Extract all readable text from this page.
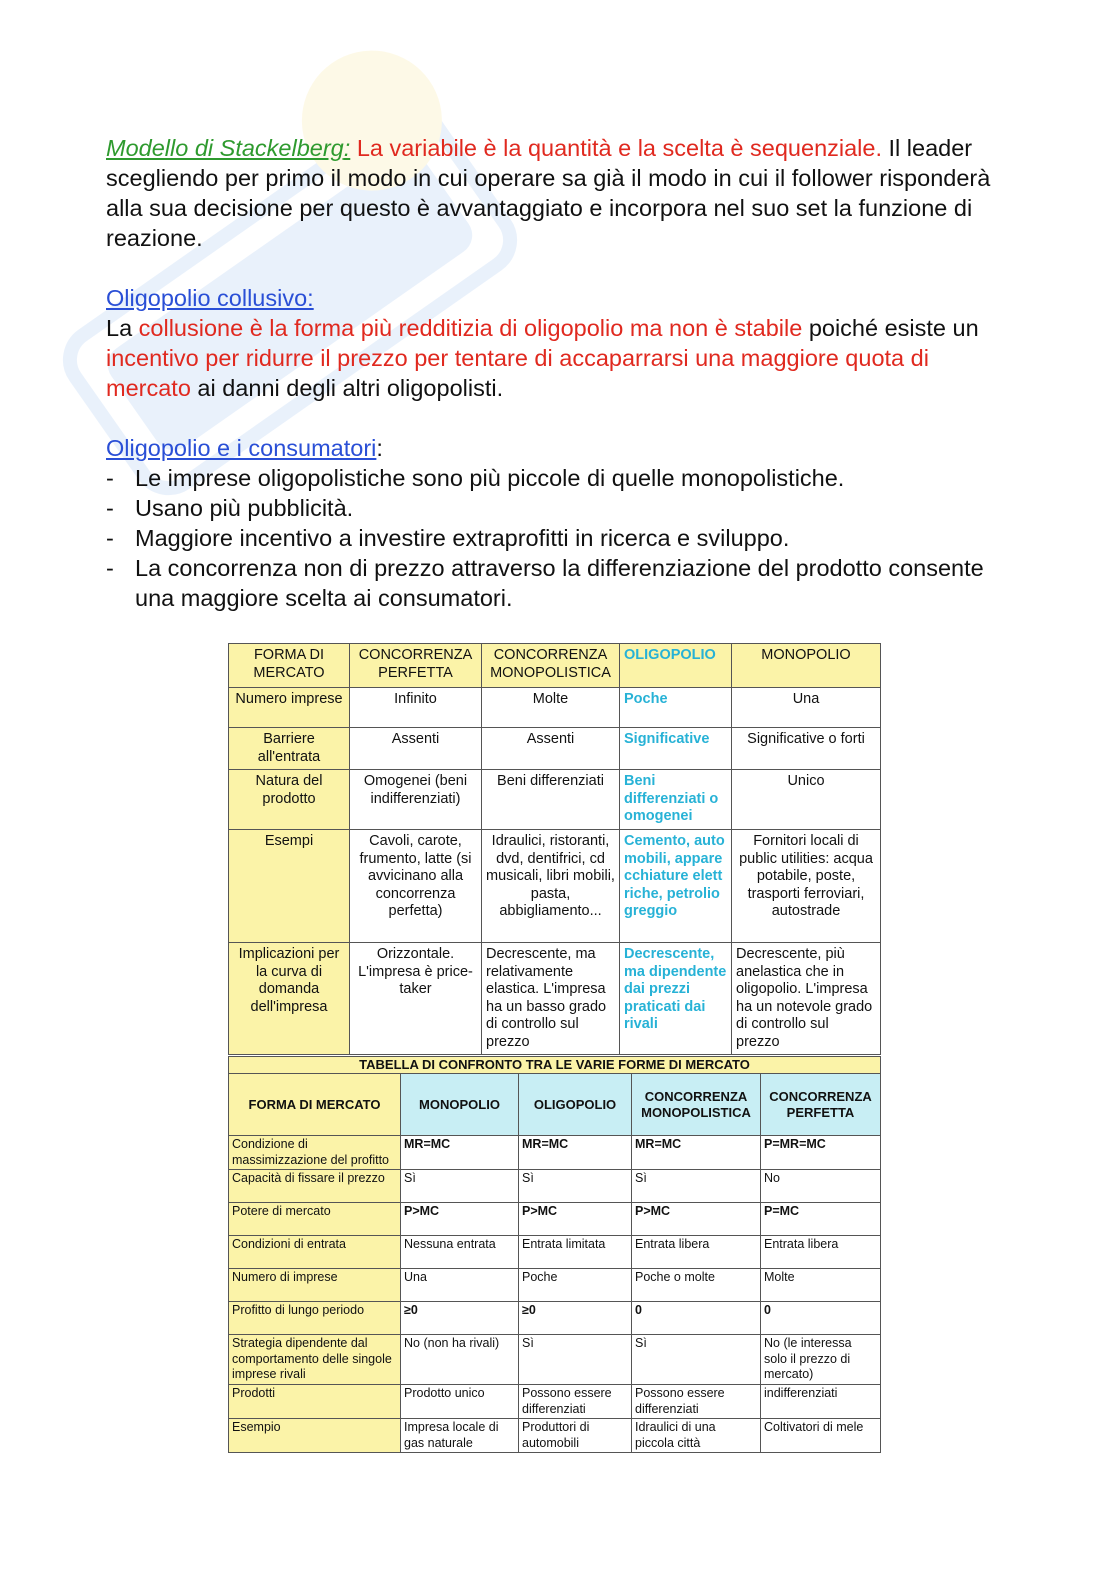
Modello di Stackelberg: La variabile è la quantità e la scelta è sequenziale. Il leader scegliendo per primo il modo in cui operare sa già il modo in cui il follower risponderà alla sua decisione per questo è avvantaggiato e incorpora nel suo set la funzione di reazione.

Oligopolio collusivo:

La collusione è la forma più redditizia di oligopolio ma non è stabile poiché esiste un incentivo per ridurre il prezzo per tentare di accaparrarsi una maggiore quota di mercato ai danni degli altri oligopolisti.

Oligopolio e i consumatori:

- Le imprese oligopolistiche sono più piccole di quelle monopolistiche.
- Usano più pubblicità.
- Maggiore incentivo a investire extraprofitti in ricerca e sviluppo.
- La concorrenza non di prezzo attraverso la differenziazione del prodotto consente una maggiore scelta ai consumatori.
FORMA DI MERCATO	CONCORRENZA PERFETTA	CONCORRENZA MONOPOLISTICA	OLIGOPOLIO	MONOPOLIO
Numero imprese	Infinito	Molte	Poche	Una
Barriere all'entrata	Assenti	Assenti	Significative	Significative o forti
Natura del prodotto	Omogenei (beni indifferenziati)	Beni differenziati	Beni differenziati o omogenei	Unico
Esempi	Cavoli, carote, frumento, latte (si avvicinano alla concorrenza perfetta)	Idraulici, ristoranti, dvd, dentifrici, cd musicali, libri mobili, pasta, abbigliamento...	Cemento, automobili, apparecchiature elettriche, petrolio greggio	Fornitori locali di public utilities: acqua potabile, poste, trasporti ferroviari, autostrade
Implicazioni per la curva di domanda dell'impresa	Orizzontale. L'impresa è price-taker	Decrescente, ma relativamente elastica. L'impresa ha un basso grado di controllo sul prezzo	Decrescente, ma dipendente dai prezzi praticati dai rivali	Decrescente, più anelastica che in oligopolio. L'impresa ha un notevole grado di controllo sul prezzo
TABELLA DI CONFRONTO TRA LE VARIE FORME DI MERCATO				
FORMA DI MERCATO	MONOPOLIO	OLIGOPOLIO	CONCORRENZA MONOPOLISTICA	CONCORRENZA PERFETTA
Condizione di massimizzazione del profitto	MR=MC	MR=MC	MR=MC	P=MR=MC
Capacità di fissare il prezzo	Sì	Sì	Sì	No
Potere di mercato	P>MC	P>MC	P>MC	P=MC
Condizioni di entrata	Nessuna entrata	Entrata limitata	Entrata libera	Entrata libera
Numero di imprese	Una	Poche	Poche o molte	Molte
Profitto di lungo periodo	≥0	≥0	0	0
Strategia dipendente dal comportamento delle singole imprese rivali	No (non ha rivali)	Sì	Sì	No (le interessa solo il prezzo di mercato)
Prodotti	Prodotto unico	Possono essere differenziati	Possono essere differenziati	indifferenziati
Esempio	Impresa locale di gas naturale	Produttori di automobili	Idraulici di una piccola città	Coltivatori di mele
